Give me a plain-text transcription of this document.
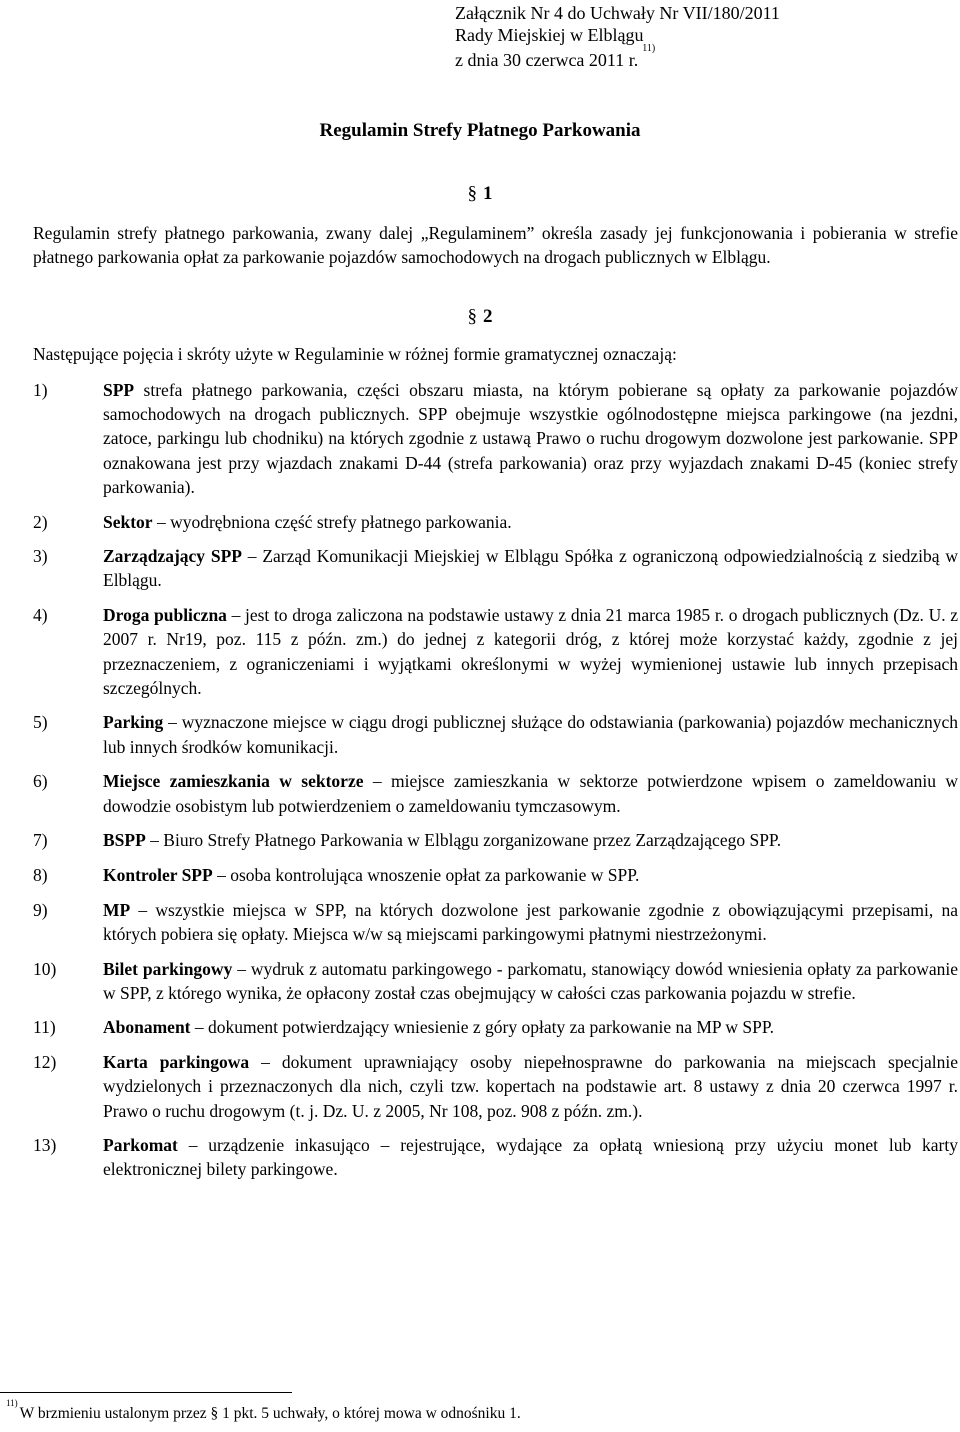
Załącznik Nr 4 do Uchwały Nr VII/180/2011
Rady Miejskiej w Elblągu
z dnia 30 czerwca 2011 r.$^{11)}$
Regulamin Strefy Płatnego Parkowania
§ 1
Regulamin strefy płatnego parkowania, zwany dalej „Regulaminem” określa zasady jej funkcjonowania i pobierania w strefie płatnego parkowania opłat za parkowanie pojazdów samochodowych na drogach publicznych w Elblągu.
§ 2
Następujące pojęcia i skróty użyte w Regulaminie w różnej formie gramatycznej oznaczają:
1)	SPP strefa płatnego parkowania, części obszaru miasta, na którym pobierane są opłaty za parkowanie pojazdów samochodowych na drogach publicznych. SPP obejmuje wszystkie ogólnodostępne miejsca parkingowe (na jezdni, zatoce, parkingu lub chodniku) na których zgodnie z ustawą Prawo o ruchu drogowym dozwolone jest parkowanie. SPP oznakowana jest przy wjazdach znakami D-44 (strefa parkowania) oraz przy wyjazdach znakami D-45 (koniec strefy parkowania).
2)	Sektor – wyodrębniona część strefy płatnego parkowania.
3)	Zarządzający SPP – Zarząd Komunikacji Miejskiej w Elblągu Spółka z ograniczoną odpowiedzialnością z siedzibą w Elblągu.
4)	Droga publiczna – jest to droga zaliczona na podstawie ustawy z dnia 21 marca 1985 r. o drogach publicznych (Dz. U. z 2007 r. Nr19, poz. 115 z późn. zm.) do jednej z kategorii dróg, z której może korzystać każdy, zgodnie z jej przeznaczeniem, z ograniczeniami i wyjątkami określonymi w wyżej wymienionej ustawie lub innych przepisach szczególnych.
5)	Parking – wyznaczone miejsce w ciągu drogi publicznej służące do odstawiania (parkowania) pojazdów mechanicznych lub innych środków komunikacji.
6)	Miejsce zamieszkania w sektorze – miejsce zamieszkania w sektorze potwierdzone wpisem o zameldowaniu w dowodzie osobistym lub potwierdzeniem o zameldowaniu tymczasowym.
7)	BSPP – Biuro Strefy Płatnego Parkowania w Elblągu zorganizowane przez Zarządzającego SPP.
8)	Kontroler SPP – osoba kontrolująca wnoszenie opłat za parkowanie w SPP.
9)	MP – wszystkie miejsca w SPP, na których dozwolone jest parkowanie zgodnie z obowiązującymi przepisami, na których pobiera się opłaty. Miejsca w/w są miejscami parkingowymi płatnymi niestrzeżonymi.
10)	Bilet parkingowy – wydruk z automatu parkingowego - parkomatu, stanowiący dowód wniesienia opłaty za parkowanie w SPP, z którego wynika, że opłacony został czas obejmujący w całości czas parkowania pojazdu w strefie.
11)	Abonament – dokument potwierdzający wniesienie z góry opłaty za parkowanie na MP w SPP.
12)	Karta parkingowa – dokument uprawniający osoby niepełnosprawne do parkowania na miejscach specjalnie wydzielonych i przeznaczonych dla nich, czyli tzw. kopertach na podstawie art. 8 ustawy z dnia 20 czerwca 1997 r. Prawo o ruchu drogowym (t. j. Dz. U. z 2005, Nr 108, poz. 908 z późn. zm.).
13)	Parkomat – urządzenie inkasująco – rejestrujące, wydające za opłatą wniesioną przy użyciu monet lub karty elektronicznej bilety parkingowe.
$^{11)}$W brzmieniu ustalonym przez § 1 pkt. 5 uchwały, o której mowa w odnośniku 1.
